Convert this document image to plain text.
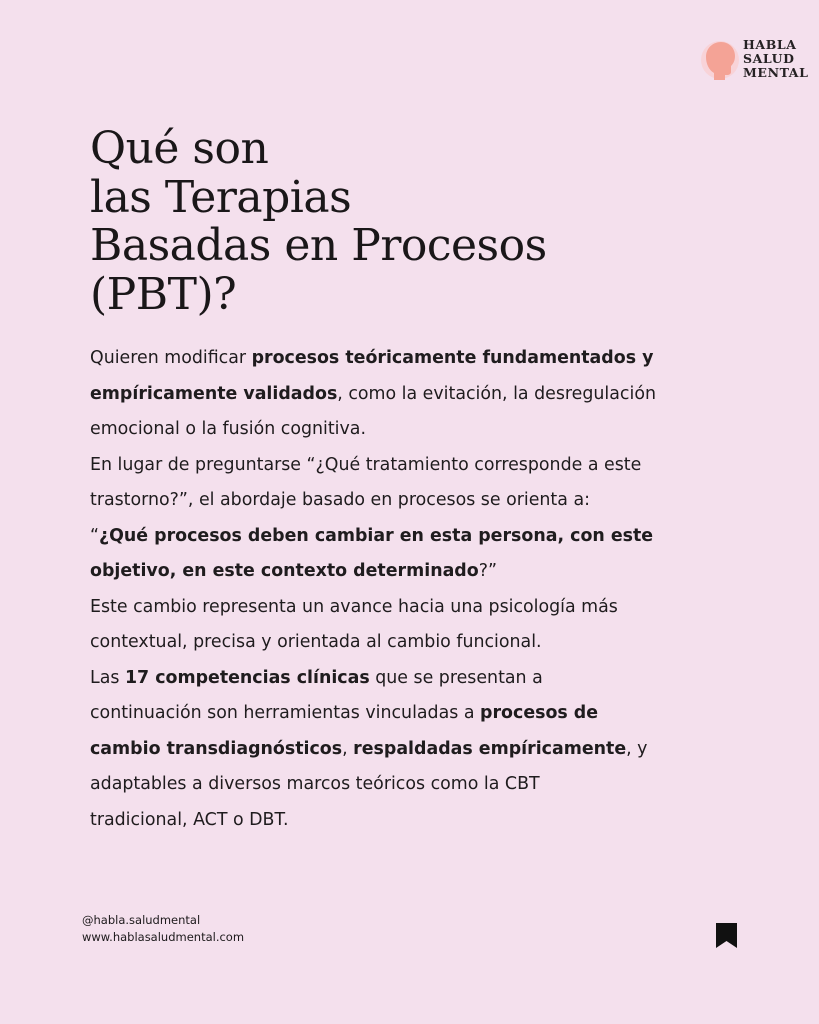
HABLA
SALUD
MENTAL
Qué son
las Terapias
Basadas en Procesos
(PBT)?

Quieren modificar procesos teóricamente fundamentados y

empíricamente validados, como la evitación, la desregulación

emocional o la fusión cognitiva.

En lugar de preguntarse “¿Qué tratamiento corresponde a este

trastorno?”, el abordaje basado en procesos se orienta a:

“¿Qué procesos deben cambiar en esta persona, con este

objetivo, en este contexto determinado?”

Este cambio representa un avance hacia una psicología más

contextual, precisa y orientada al cambio funcional.

Las 17 competencias clínicas que se presentan a

continuación son herramientas vinculadas a procesos de

cambio transdiagnósticos, respaldadas empíricamente, y

adaptables a diversos marcos teóricos como la CBT

tradicional, ACT o DBT.

@habla.saludmental
www.hablasaludmental.com
